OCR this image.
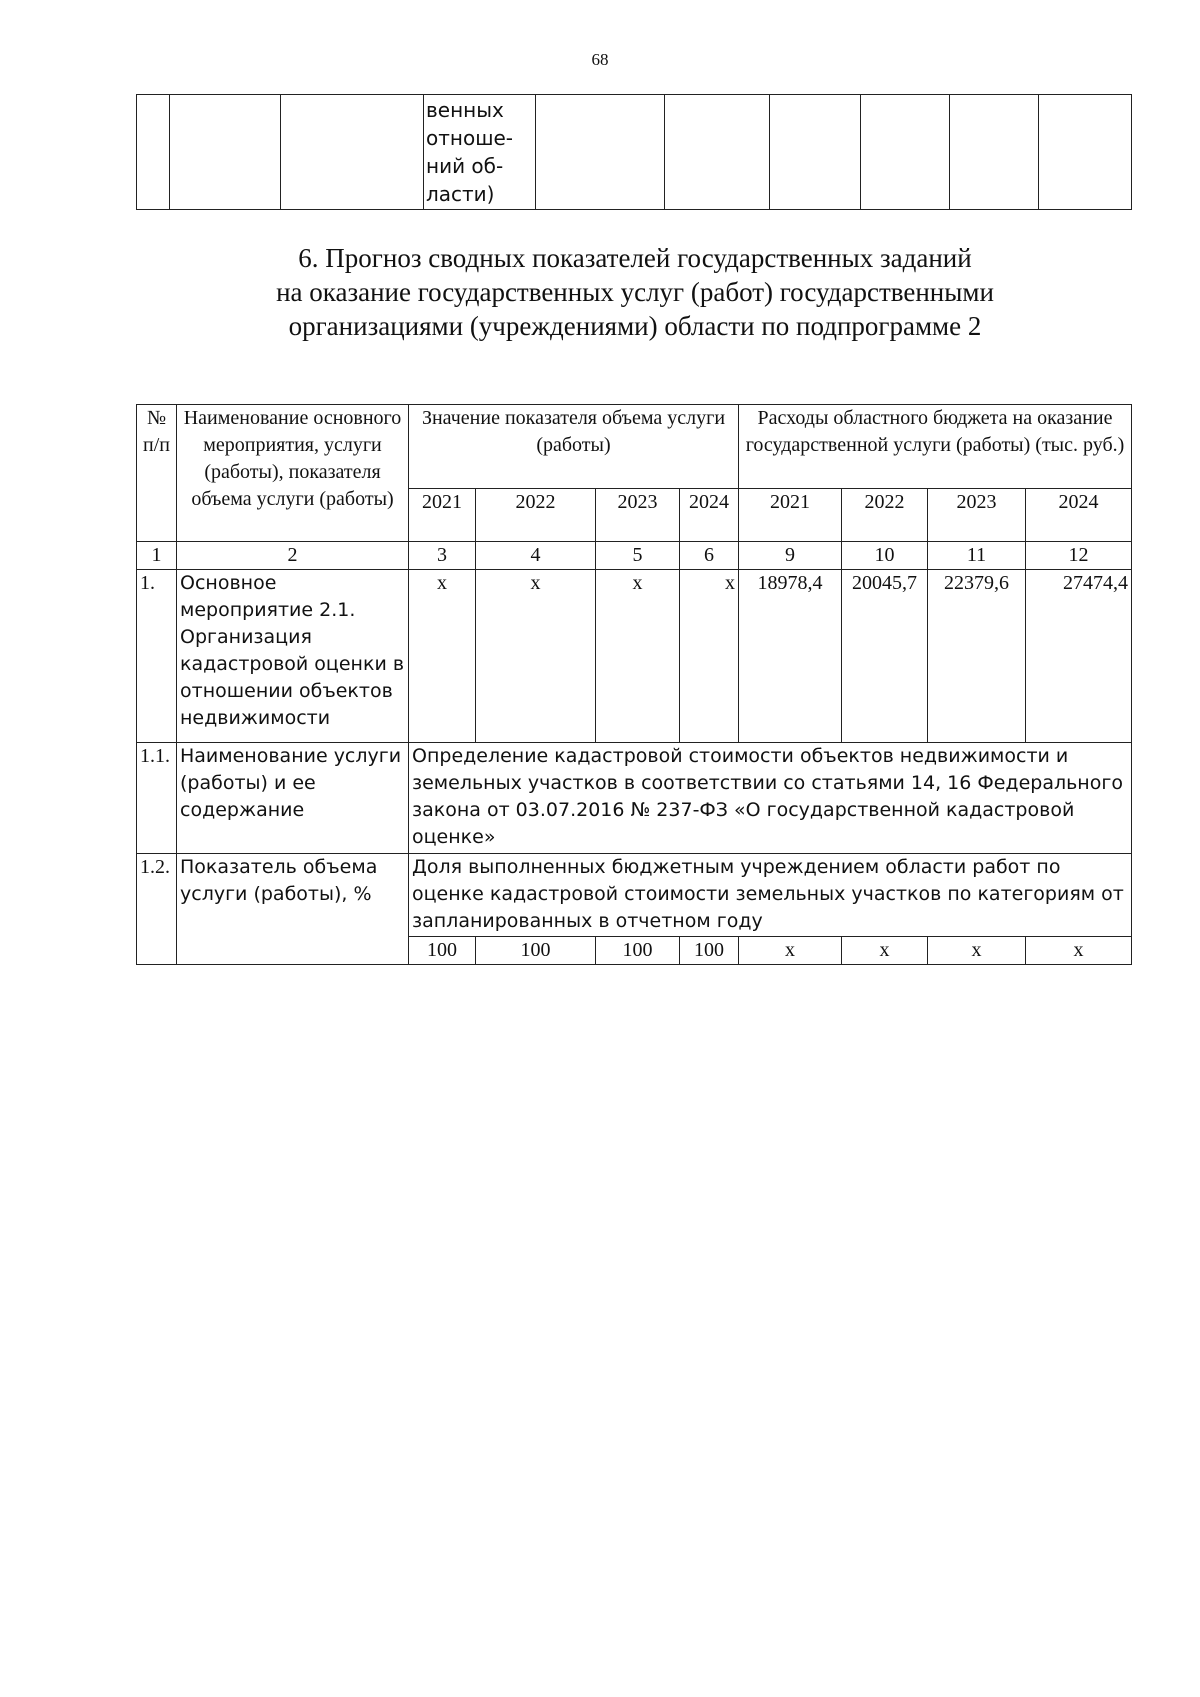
68

венных
отноше-
ний об-
ласти)

6. Прогноз сводных показателей государственных заданий
на оказание государственных услуг (работ) государственными
организациями (учреждениями) области по подпрограмме 2
№ п/п	Наименование основного мероприятия, услуги (работы), показателя объема услуги (работы)	Значение показателя объема услуги (работы)				Расходы областного бюджета на оказание государственной услуги (работы) (тыс. руб.)			
		2021	2022	2023	2024	2021	2022	2023	2024
1	2	3	4	5	6	9	10	11	12
1.	Основное мероприятие 2.1. Организация кадастровой оценки в отношении объектов недвижимости	х	х	х	х	18978,4	20045,7	22379,6	27474,4
1.1.	Наименование услуги (работы) и ее содержание	Определение кадастровой стоимости объектов недвижимости и земельных участков в соответствии со статьями 14, 16 Федерального закона от 03.07.2016 № 237-ФЗ «О государственной кадастровой оценке»							
1.2.	Показатель объема услуги (работы), %	Доля выполненных бюджетным учреждением области работ по оценке кадастровой стоимости земельных участков по категориям от запланированных в отчетном году							
		100	100	100	100	х	х	х	х
